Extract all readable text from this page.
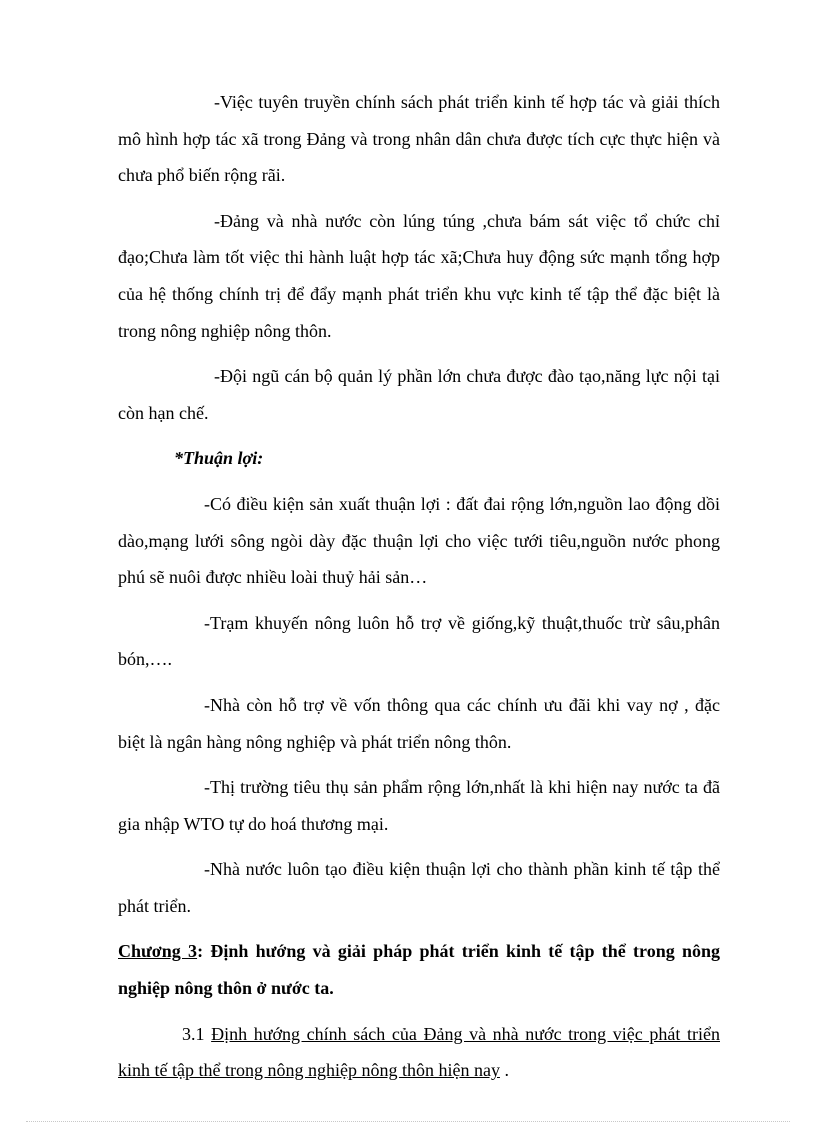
-Việc tuyên truyền chính sách phát triển kinh tế hợp tác và giải thích mô hình hợp tác xã trong Đảng và trong nhân dân chưa được tích cực thực hiện và chưa phổ biến rộng rãi.

-Đảng và nhà nước còn lúng túng ,chưa bám sát việc tổ chức chỉ đạo;Chưa làm tốt việc thi hành luật hợp tác xã;Chưa huy động sức mạnh tổng hợp của hệ thống chính trị để đẩy mạnh phát triển khu vực kinh tế tập thể đặc biệt là trong nông nghiệp nông thôn.

-Đội ngũ cán bộ quản lý phần lớn chưa được đào tạo,năng lực nội tại còn hạn chế.

*Thuận lợi:

-Có điều kiện sản xuất thuận lợi : đất đai rộng lớn,nguồn lao động dồi dào,mạng lưới sông ngòi dày đặc thuận lợi cho việc tưới tiêu,nguồn nước phong phú sẽ nuôi được nhiều loài thuỷ hải sản…

-Trạm khuyến nông luôn hỗ trợ về giống,kỹ thuật,thuốc trừ sâu,phân bón,….

-Nhà còn hỗ trợ về vốn thông qua các chính ưu đãi khi vay nợ , đặc biệt là ngân hàng nông nghiệp và phát triển nông thôn.

-Thị trường tiêu thụ sản phẩm rộng lớn,nhất là khi hiện nay nước ta đã gia nhập WTO tự do hoá thương mại.

-Nhà nước luôn tạo điều kiện thuận lợi cho thành phần kinh tế tập thể phát triển.

Chương 3: Định hướng và giải pháp phát triển kinh tế tập thể trong nông nghiệp nông thôn ở nước ta.

3.1 Định hướng chính sách của Đảng và nhà nước trong việc phát triển kinh tế tập thể trong nông nghiệp nông thôn hiện nay .
